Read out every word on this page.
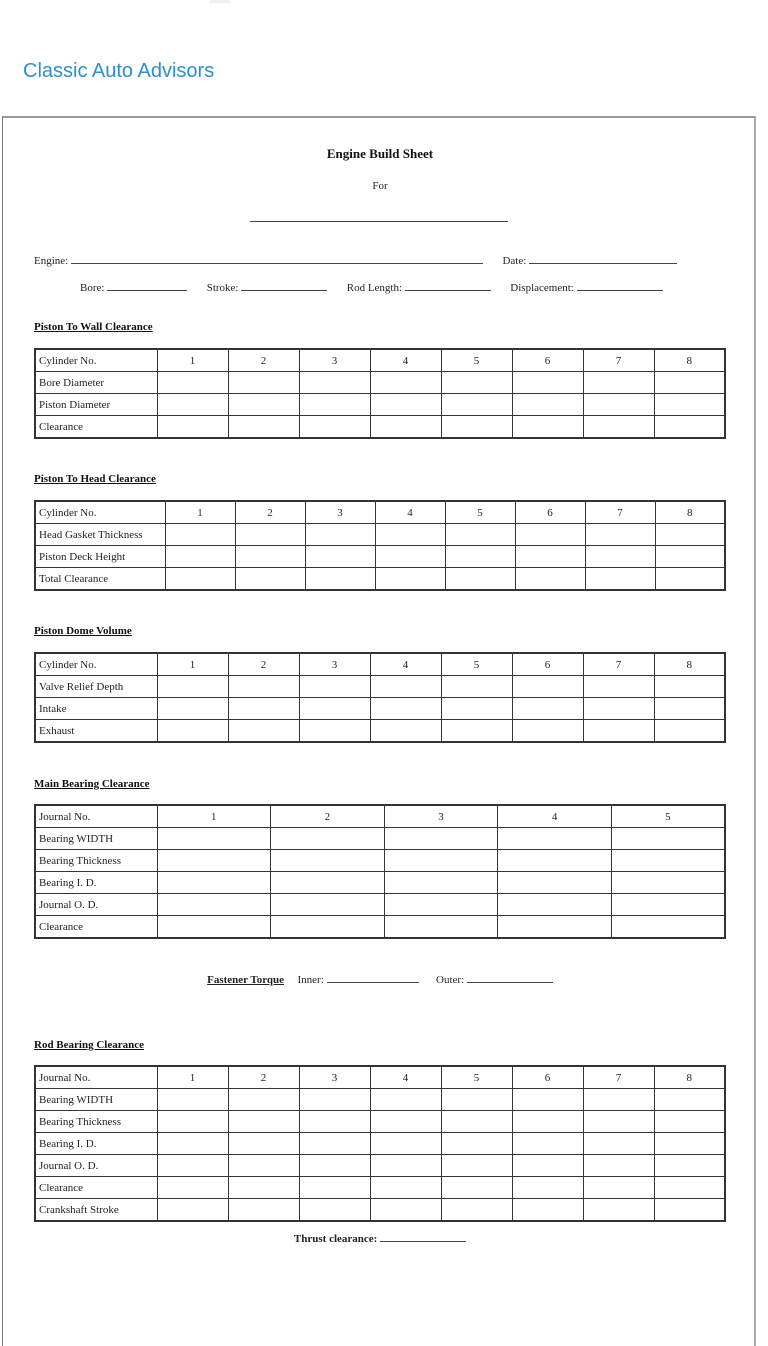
Classic Auto Advisors
Engine Build Sheet
For
Engine:	Date:
Bore:	Stroke:	Rod Length:	Displacement:
Piston To Wall Clearance
Cylinder No.	1	2	3	4	5	6	7	8
Bore Diameter								
Piston Diameter								
Clearance								
Piston To Head Clearance
Cylinder No.	1	2	3	4	5	6	7	8
Head Gasket Thickness								
Piston Deck Height								
Total Clearance								
Piston Dome Volume
Cylinder No.	1	2	3	4	5	6	7	8
Valve Relief Depth								
Intake								
Exhaust								
Main Bearing Clearance
Journal No.	1	2	3	4	5
Bearing WIDTH					
Bearing Thickness					
Bearing I. D.					
Journal O. D.					
Clearance					
Fastener Torque Inner:	Outer:
Rod Bearing Clearance
Journal No.	1	2	3	4	5	6	7	8
Bearing WIDTH								
Bearing Thickness								
Bearing I. D.								
Journal O. D.								
Clearance								
Crankshaft Stroke								
Thrust clearance:
